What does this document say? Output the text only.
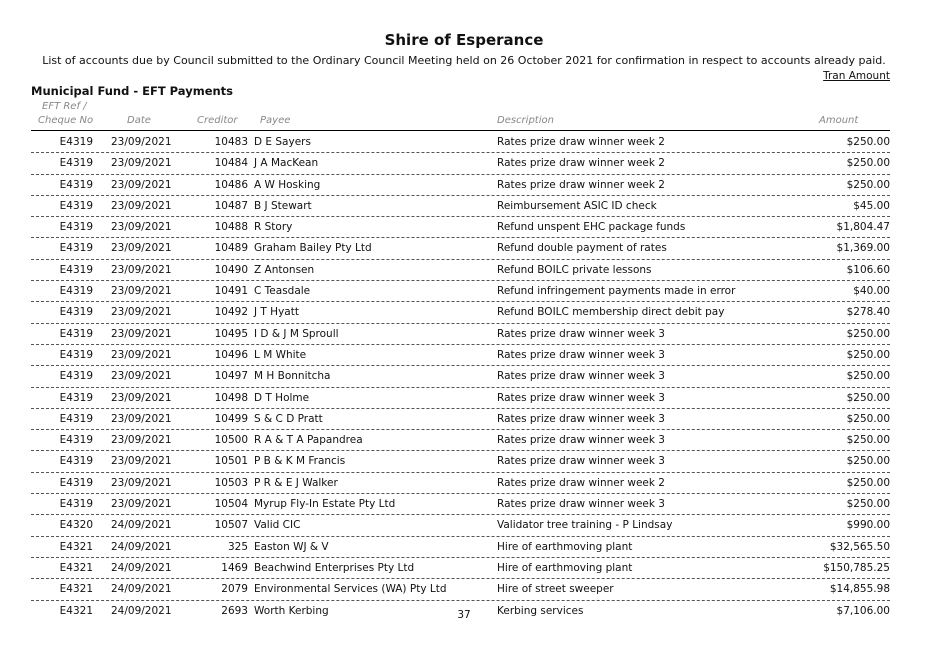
Shire of Esperance
List of accounts due by Council submitted to the Ordinary Council Meeting held on 26 October 2021 for confirmation in respect to accounts already paid.
Tran Amount
Municipal Fund - EFT Payments
EFT Ref /
Cheque No	Date	Creditor Payee	Description	Amount
E4319 23/09/2021	10483 D E Sayers	Rates prize draw winner week 2	$250.00
E4319 23/09/2021	10484 J A MacKean	Rates prize draw winner week 2	$250.00
E4319 23/09/2021	10486 A W Hosking	Rates prize draw winner week 2	$250.00
E4319 23/09/2021	10487 B J Stewart	Reimbursement ASIC ID check	$45.00
E4319 23/09/2021	10488 R Story	Refund unspent EHC package funds	$1,804.47
E4319 23/09/2021	10489 Graham Bailey Pty Ltd	Refund double payment of rates	$1,369.00
E4319 23/09/2021	10490 Z Antonsen	Refund BOILC private lessons	$106.60
E4319 23/09/2021	10491 C Teasdale	Refund infringement payments made in error	$40.00
E4319 23/09/2021	10492 J T Hyatt	Refund BOILC membership direct debit pay	$278.40
E4319 23/09/2021	10495 I D & J M Sproull	Rates prize draw winner week 3	$250.00
E4319 23/09/2021	10496 L M White	Rates prize draw winner week 3	$250.00
E4319 23/09/2021	10497 M H Bonnitcha	Rates prize draw winner week 3	$250.00
E4319 23/09/2021	10498 D T Holme	Rates prize draw winner week 3	$250.00
E4319 23/09/2021	10499 S & C D Pratt	Rates prize draw winner week 3	$250.00
E4319 23/09/2021	10500 R A & T A Papandrea	Rates prize draw winner week 3	$250.00
E4319 23/09/2021	10501 P B & K M Francis	Rates prize draw winner week 3	$250.00
E4319 23/09/2021	10503 P R & E J Walker	Rates prize draw winner week 2	$250.00
E4319 23/09/2021	10504 Myrup Fly-In Estate Pty Ltd	Rates prize draw winner week 3	$250.00
E4320 24/09/2021	10507 Valid CIC	Validator tree training - P Lindsay	$990.00
E4321 24/09/2021	325 Easton WJ & V	Hire of earthmoving plant	$32,565.50
E4321 24/09/2021	1469 Beachwind Enterprises Pty Ltd	Hire of earthmoving plant	$150,785.25
E4321 24/09/2021	2079 Environmental Services (WA) Pty Ltd	Hire of street sweeper	$14,855.98
E4321 24/09/2021	2693 Worth Kerbing	Kerbing services	$7,106.00
37
